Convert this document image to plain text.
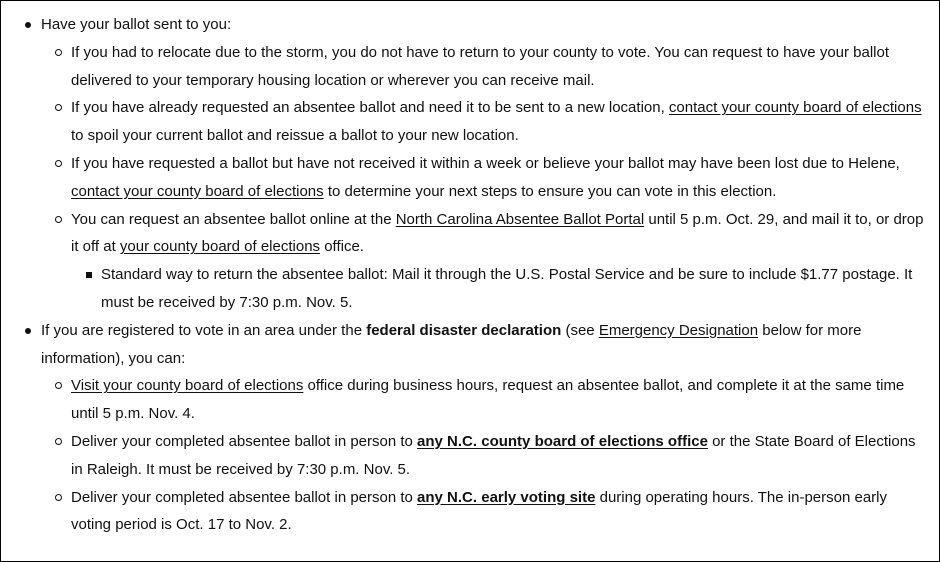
Have your ballot sent to you:
If you had to relocate due to the storm, you do not have to return to your county to vote. You can request to have your ballot delivered to your temporary housing location or wherever you can receive mail.
If you have already requested an absentee ballot and need it to be sent to a new location, contact your county board of elections to spoil your current ballot and reissue a ballot to your new location.
If you have requested a ballot but have not received it within a week or believe your ballot may have been lost due to Helene, contact your county board of elections to determine your next steps to ensure you can vote in this election.
You can request an absentee ballot online at the North Carolina Absentee Ballot Portal until 5 p.m. Oct. 29, and mail it to, or drop it off at your county board of elections office.
Standard way to return the absentee ballot: Mail it through the U.S. Postal Service and be sure to include $1.77 postage. It must be received by 7:30 p.m. Nov. 5.
If you are registered to vote in an area under the federal disaster declaration (see Emergency Designation below for more information), you can:
Visit your county board of elections office during business hours, request an absentee ballot, and complete it at the same time until 5 p.m. Nov. 4.
Deliver your completed absentee ballot in person to any N.C. county board of elections office or the State Board of Elections in Raleigh. It must be received by 7:30 p.m. Nov. 5.
Deliver your completed absentee ballot in person to any N.C. early voting site during operating hours. The in-person early voting period is Oct. 17 to Nov. 2.
